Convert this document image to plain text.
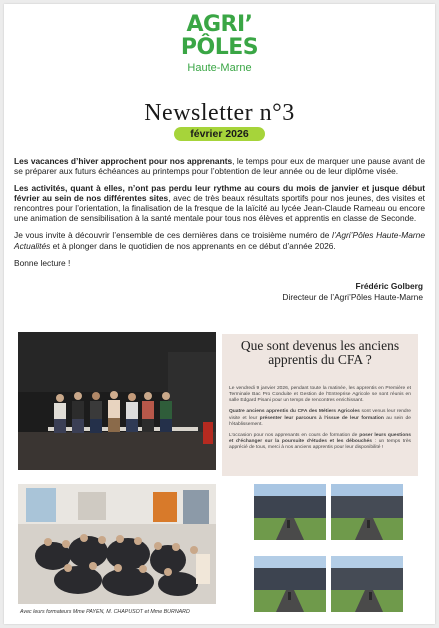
AGRI’
PÔLES
Haute-Marne
Newsletter n°3
février 2026

Les vacances d’hiver approchent pour nos apprenants, le temps pour eux de marquer une pause avant de se préparer aux futurs échéances au printemps pour l’obtention de leur année ou de leur diplôme visée.

Les activités, quant à elles, n’ont pas perdu leur rythme au cours du mois de janvier et jusque début février au sein de nos différentes sites, avec de très beaux résultats sportifs pour nos jeunes, des visites et rencontres pour l’orientation, la finalisation de la fresque de la laïcité au lycée Jean-Claude Rameau ou encore une animation de sensibilisation à la santé mentale pour tous nos élèves et apprentis en classe de Seconde.

Je vous invite à découvrir l’ensemble de ces dernières dans ce troisième numéro de l’Agri’Pôles Haute-Marne Actualités et à plonger dans le quotidien de nos apprenants en ce début d’année 2026.

Bonne lecture !

Frédéric Golberg
Directeur de l’Agri’Pôles Haute-Marne
Que sont devenus les anciens apprentis du CFA ?

Le vendredi 9 janvier 2026, pendant toute la matinée, les apprentis en Première et Terminale Bac Pro Conduite et Gestion de l’Entreprise Agricole se sont réunis en salle Edgard Pisani pour un temps de rencontres enrichissant.

Quatre anciens apprentis du CFA des Métiers Agricoles sont venus leur rendre visite et leur présenter leur parcours à l’issue de leur formation au sein de l’établissement.

L’occasion pour nos apprenants en cours de formation de poser leurs questions et d’échanger sur la poursuite d’études et les débouchés : un temps très apprécié de tous, merci à nos anciens apprentis pour leur disponibilité !

Avec leurs formateurs Mme PAYEN, M. CHAPUSOT et Mme BURNARD
